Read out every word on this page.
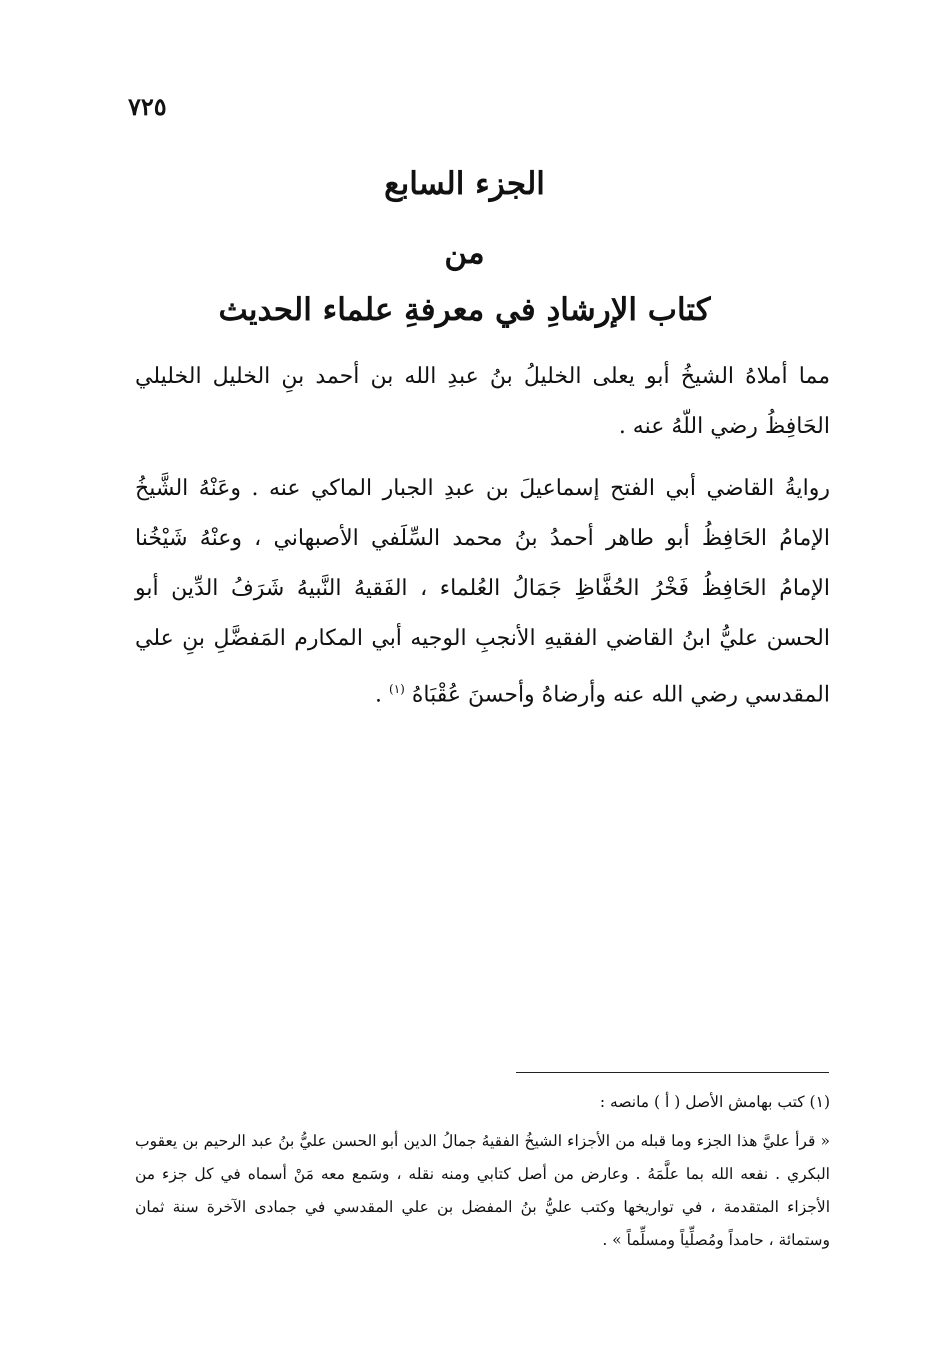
٧٢٥
الجزء السابع
من
كتاب الإرشادِ في معرفةِ علماء الحديث
مما أملاهُ الشيخُ أبو يعلى الخليلُ بنُ عبدِ الله بن أحمد بنِ الخليل الخليلي الحَافِظُ رضي اللّهُ عنه .
روايةُ القاضي أبي الفتح إسماعيلَ بن عبدِ الجبار الماكي عنه . وعَنْهُ الشَّيخُ الإمامُ الحَافِظُ أبو طاهر أحمدُ بنُ محمد السِّلَفي الأصبهاني ، وعنْهُ شَيْخُنا الإمامُ الحَافِظُ فَخْرُ الحُفَّاظِ جَمَالُ العُلماء ، الفَقيهُ النَّبيهُ شَرَفُ الدِّين أبو الحسن عليُّ ابنُ القاضي الفقيهِ الأنجبِ الوجيه أبي المكارم المَفضَّلِ بنِ علي المقدسي رضي الله عنه وأرضاهُ وأحسنَ عُقْبَاهُ $^{(١)}$ .
(١) كتب بهامش الأصل ( أ ) مانصه :
« قرأ عليَّ هذا الجزء وما قبله من الأجزاء الشيخُ الفقيهُ جمالُ الدين أبو الحسن عليُّ بنُ عبد الرحيم بن يعقوب البكري . نفعه الله بما علَّمَهُ . وعارض من أصل كتابي ومنه نقله ، وسَمع معه مَنْ أسماه في كل جزء من الأجزاء المتقدمة ، في تواريخها وكتب عليُّ بنُ المفضل بن علي المقدسي في جمادى الآخرة سنة ثمان وستمائة ، حامداً ومُصلِّياً ومسلِّماً » .
